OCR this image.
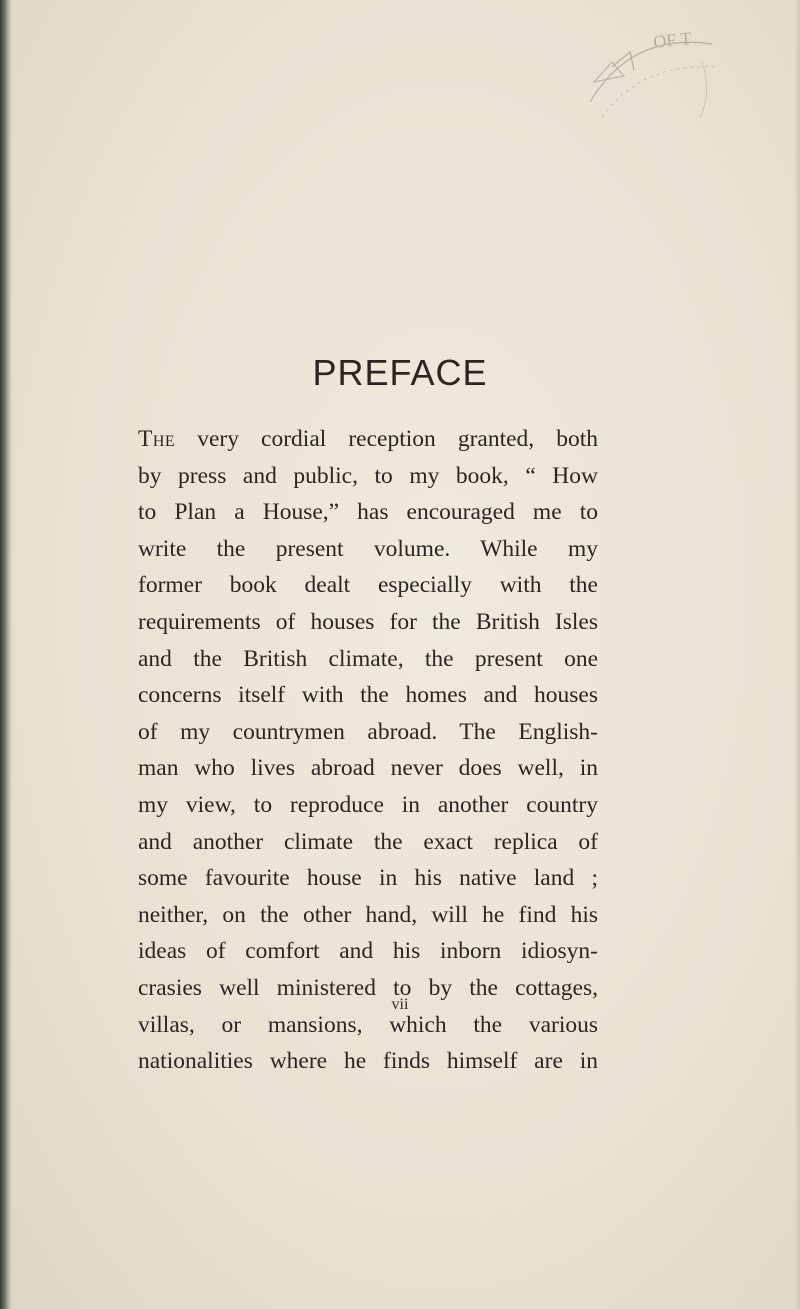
OF T
PREFACE
The very cordial reception granted, both
by press and public, to my book, “ How
to Plan a House,” has encouraged me to
write the present volume. While my
former book dealt especially with the
requirements of houses for the British Isles
and the British climate, the present one
concerns itself with the homes and houses
of my countrymen abroad. The English-
man who lives abroad never does well, in
my view, to reproduce in another country
and another climate the exact replica of
some favourite house in his native land ;
neither, on the other hand, will he find his
ideas of comfort and his inborn idiosyn-
crasies well ministered to by the cottages,
villas, or mansions, which the various
nationalities where he finds himself are in
vii
